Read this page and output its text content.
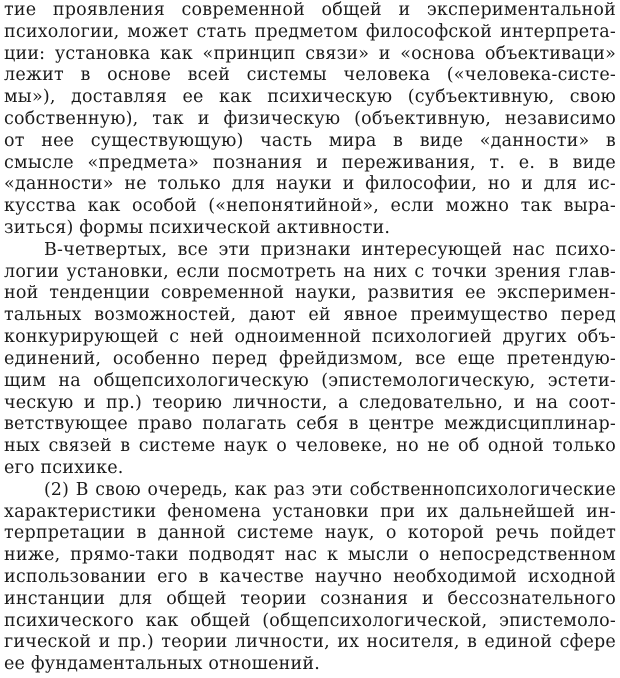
тие проявления современной общей и экспериментальной
психологии, может стать предметом философской интерпрета-
ции: установка как «принцип связи» и «основа объективаци»
лежит в основе всей системы человека («человека-систе-
мы»), доставляя ее как психическую (субъективную, свою
собственную), так и физическую (объективную, независимо
от нее существующую) часть мира в виде «данности» в
смысле «предмета» познания и переживания, т. е. в виде
«данности» не только для науки и философии, но и для ис-
кусства как особой («непонятийной», если можно так выра-
зиться) формы психической активности.
В-четвертых, все эти признаки интересующей нас психо-
логии установки, если посмотреть на них с точки зрения глав-
ной тенденции современной науки, развития ее эксперимен-
тальных возможностей, дают ей явное преимущество перед
конкурирующей с ней одноименной психологией других объ-
единений, особенно перед фрейдизмом, все еще претендую-
щим на общепсихологическую (эпистемологическую, эстети-
ческую и пр.) теорию личности, а следовательно, и на соот-
ветствующее право полагать себя в центре междисциплинар-
ных связей в системе наук о человеке, но не об одной только
его психике.
(2) В свою очередь, как раз эти собственнопсихологические
характеристики феномена установки при их дальнейшей ин-
терпретации в данной системе наук, о которой речь пойдет
ниже, прямо-таки подводят нас к мысли о непосредственном
использовании его в качестве научно необходимой исходной
инстанции для общей теории сознания и бессознательного
психического как общей (общепсихологической, эпистемоло-
гической и пр.) теории личности, их носителя, в единой сфере
ее фундаментальных отношений.
